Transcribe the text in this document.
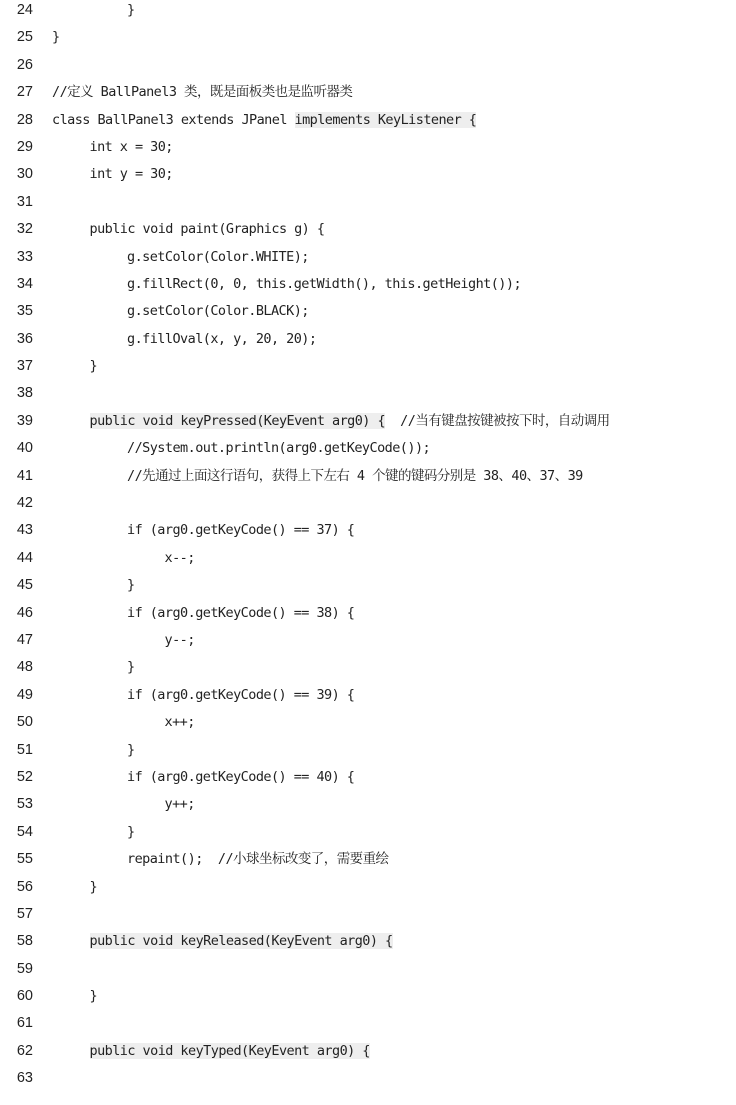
24	}
25 }
26
27 //定义 BallPanel3 类，既是面板类也是监听器类
28 class BallPanel3 extends JPanel implements KeyListener {
29	int x = 30;
30	int y = 30;
31
32	public void paint(Graphics g) {
33	g.setColor(Color.WHITE);
34	g.fillRect(0, 0, this.getWidth(), this.getHeight());
35	g.setColor(Color.BLACK);
36	g.fillOval(x, y, 20, 20);
37	}
38
39	public void keyPressed(KeyEvent arg0) {  //当有键盘按键被按下时，自动调用
40	//System.out.println(arg0.getKeyCode());
41	//先通过上面这行语句，获得上下左右 4 个键的键码分别是 38、40、37、39
42
43	if (arg0.getKeyCode() == 37) {
44	x--;
45	}
46	if (arg0.getKeyCode() == 38) {
47	y--;
48	}
49	if (arg0.getKeyCode() == 39) {
50	x++;
51	}
52	if (arg0.getKeyCode() == 40) {
53	y++;
54	}
55	repaint();  //小球坐标改变了，需要重绘
56	}
57
58	public void keyReleased(KeyEvent arg0) {
59
60	}
61
62	public void keyTyped(KeyEvent arg0) {
63
